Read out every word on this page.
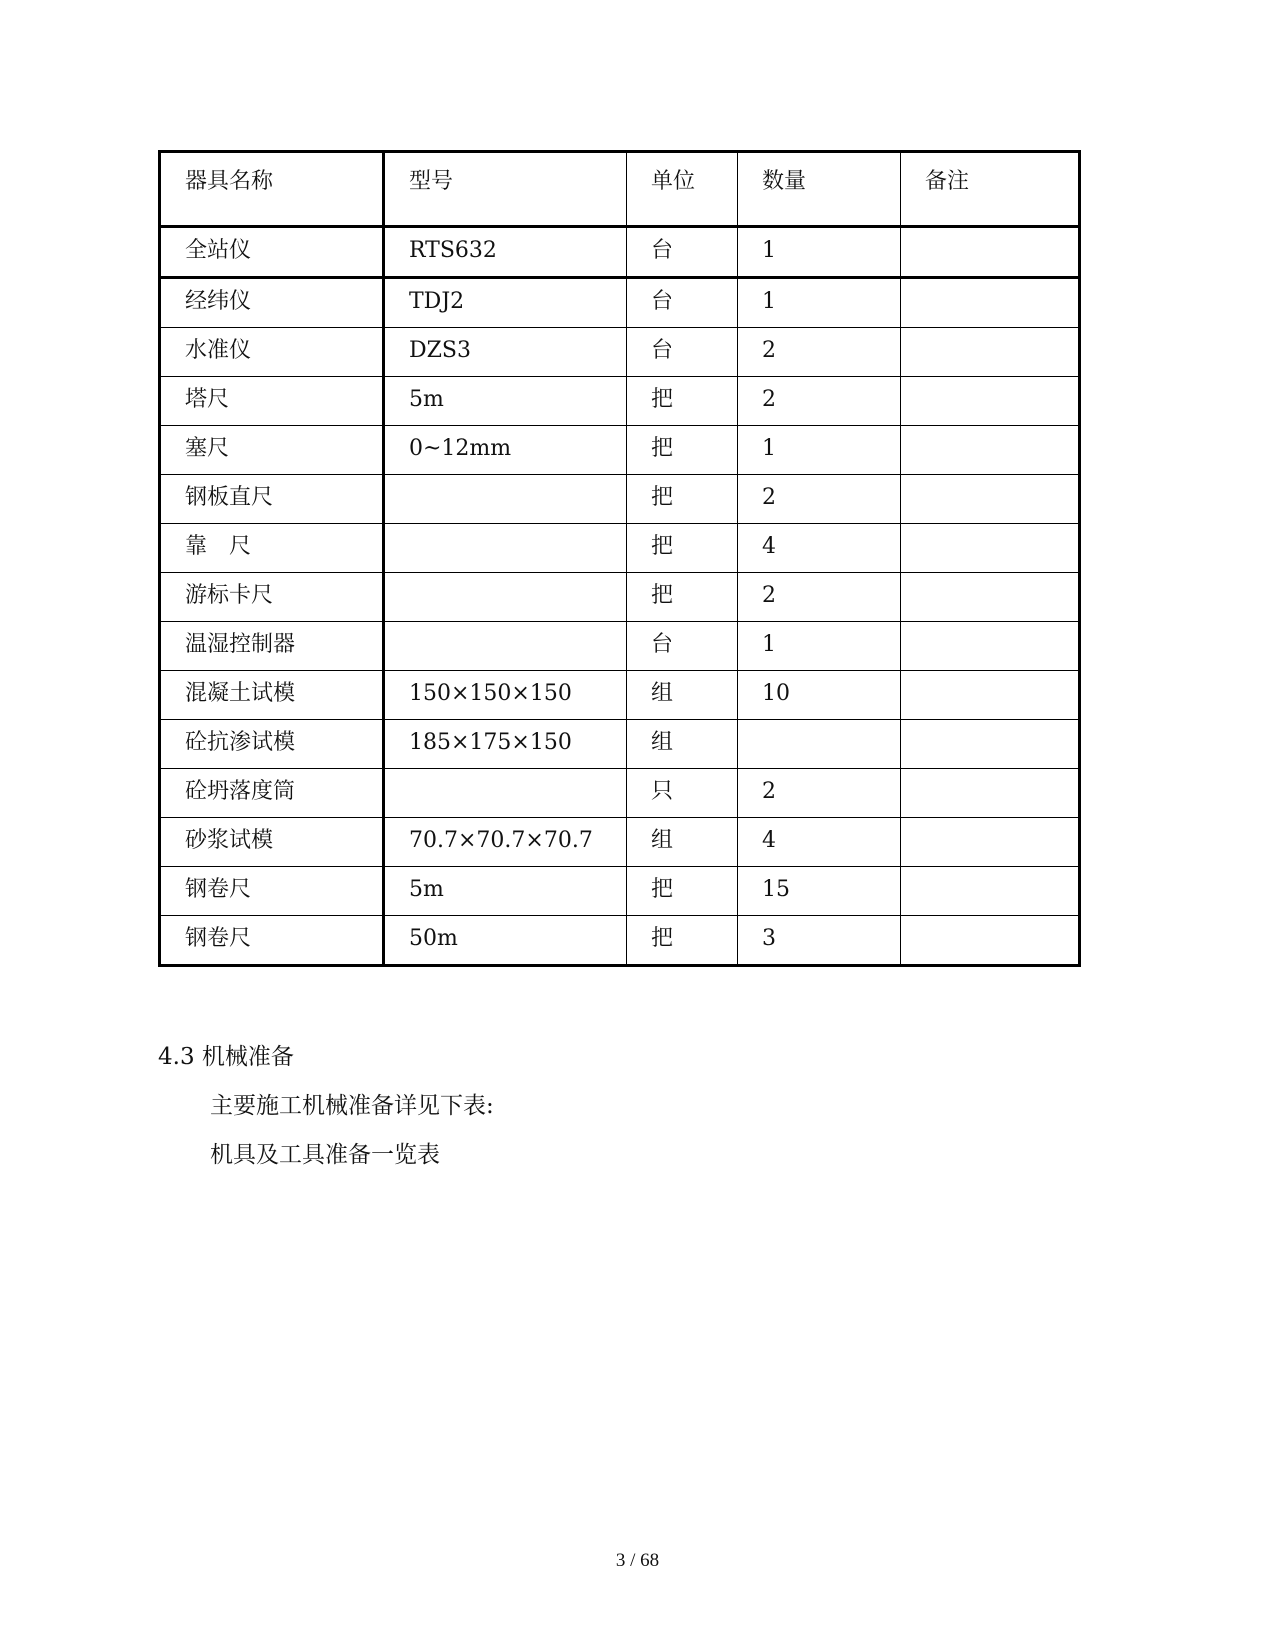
器具名称	型号	单位	数量	备注

全站仪	RTS632	台	1	

经纬仪	TDJ2	台	1	

水准仪	DZS3	台	2	

塔尺	5m	把	2	

塞尺	0~12mm	把	1	

钢板直尺		把	2	

靠　尺		把	4	

游标卡尺		把	2	

温湿控制器		台	1	

混凝土试模	150×150×150	组	10	

砼抗渗试模	185×175×150	组		

砼坍落度筒		只	2	

砂浆试模	70.7×70.7×70.7	组	4	

钢卷尺	5m	把	15	

钢卷尺	50m	把	3	

4.3 机械准备
主要施工机械准备详见下表:
机具及工具准备一览表
3 / 68
